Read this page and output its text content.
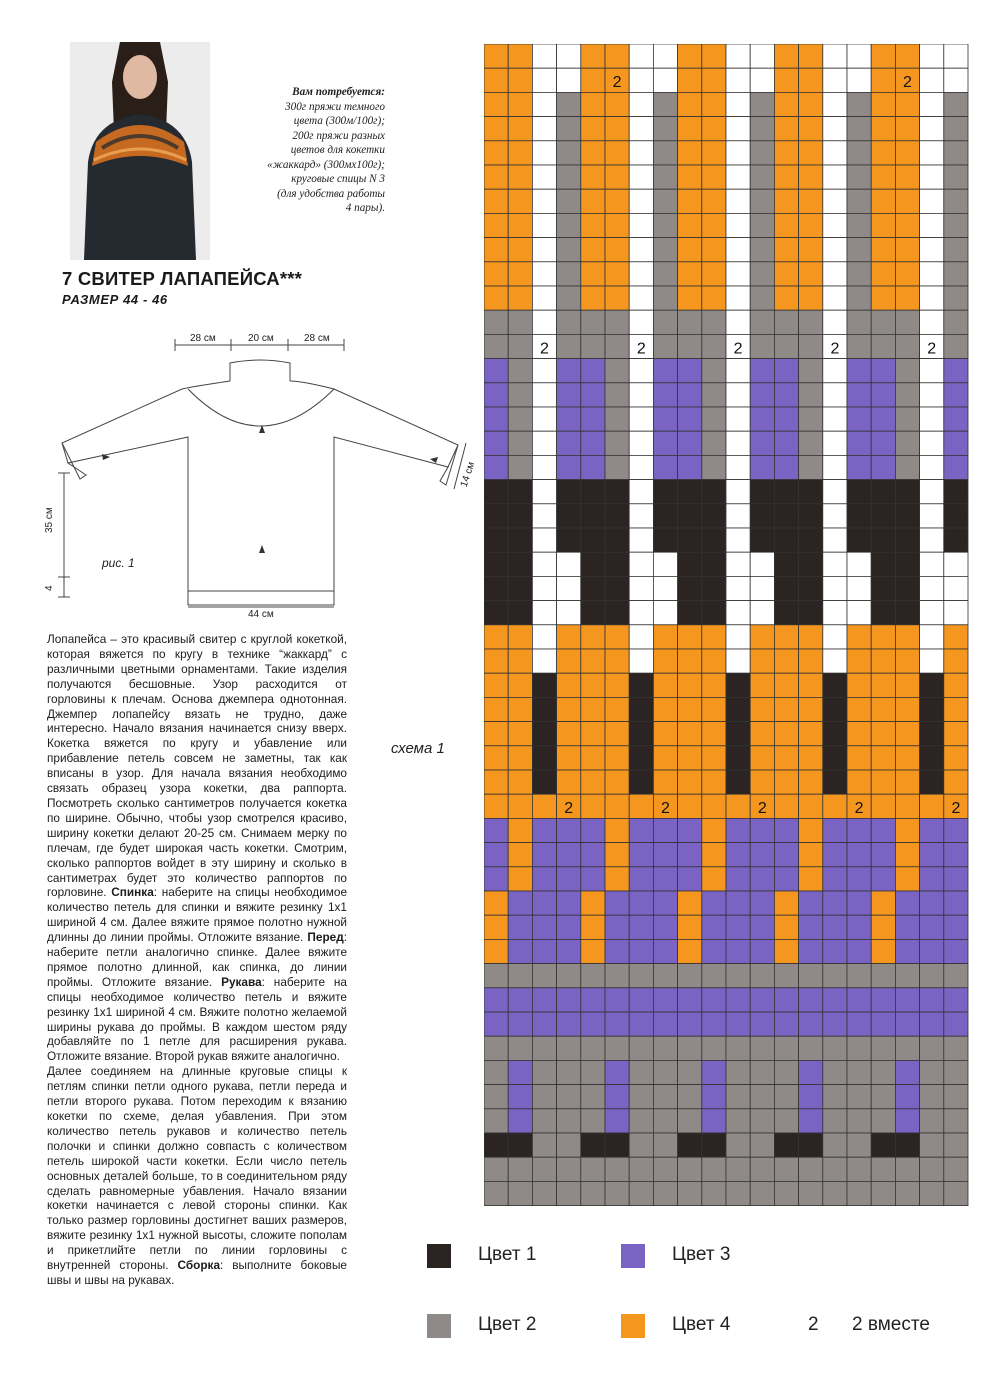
Вам потребуется:
300г пряжи темного
цвета (300м/100г);
200г пряжи разных
цветов для кокетки
«жаккард» (300мх100г);
круговые спицы N 3
(для удобства работы
4 пары).
7 СВИТЕР ЛАПАПЕЙСА***
РАЗМЕР 44 - 46
28 см	20 см	28 см
14 см
35 см
4
44 см
рис. 1

Лопапейса – это красивый свитер с круглой кокеткой, которая вяжется по кругу в технике “жаккард” с различными цветными орнаментами. Такие изделия получаются бесшовные. Узор расходится от горловины к плечам. Основа джемпера однотонная. Джемпер лопапейсу вязать не трудно, даже интересно. Начало вязания начинается снизу вверх. Кокетка вяжется по кругу и убавление или прибавление петель совсем не заметны, так как вписаны в узор. Для начала вязания необходимо связать образец узора кокетки, два раппорта. Посмотреть сколько сантиметров получается кокетка по ширине. Обычно, чтобы узор смотрелся красиво, ширину кокетки делают 20-25 см. Снимаем мерку по плечам, где будет широкая часть кокетки. Смотрим, сколько раппортов войдет в эту ширину и сколько в сантиметрах будет это количество раппортов по горловине. Спинка: наберите на спицы необходимое количество петель для спинки и вяжите резинку 1х1 шириной 4 см. Далее вяжите прямое полотно нужной длинны до линии проймы. Отложите вязание. Перед: наберите петли аналогично спинке. Далее вяжите прямое полотно длинной, как спинка, до линии проймы. Отложите вязание. Рукава: наберите на спицы необходимое количество петель и вяжите резинку 1х1 шириной 4 см. Вяжите полотно желаемой ширины рукава до проймы. В каждом шестом ряду добавляйте по 1 петле для расширения рукава. Отложите вязание. Второй рукав вяжите аналогично.

Далее соединяем на длинные круговые спицы к петлям спинки петли одного рукава, петли переда и петли второго рукава. Потом переходим к вязанию кокетки по схеме, делая убавления. При этом количество петель рукавов и количество петель полочки и спинки должно совпасть с количеством петель широкой части кокетки. Если число петель основных деталей больше, то в соединительном ряду сделать равномерные убавления. Начало вязании кокетки начинается с левой стороны спинки. Как только размер горловины достигнет ваших размеров, вяжите резинку 1х1 нужной высоты, сложите пополам и прикетлийте петли по линии горловины с внутренней стороны. Сборка: выполните боковые швы и швы на рукавах.

схема 1
2	2
2	2	2	2	2
2	2	2	2	2
Цвет 1	Цвет 3
Цвет 2	Цвет 4	2 2 вместе
